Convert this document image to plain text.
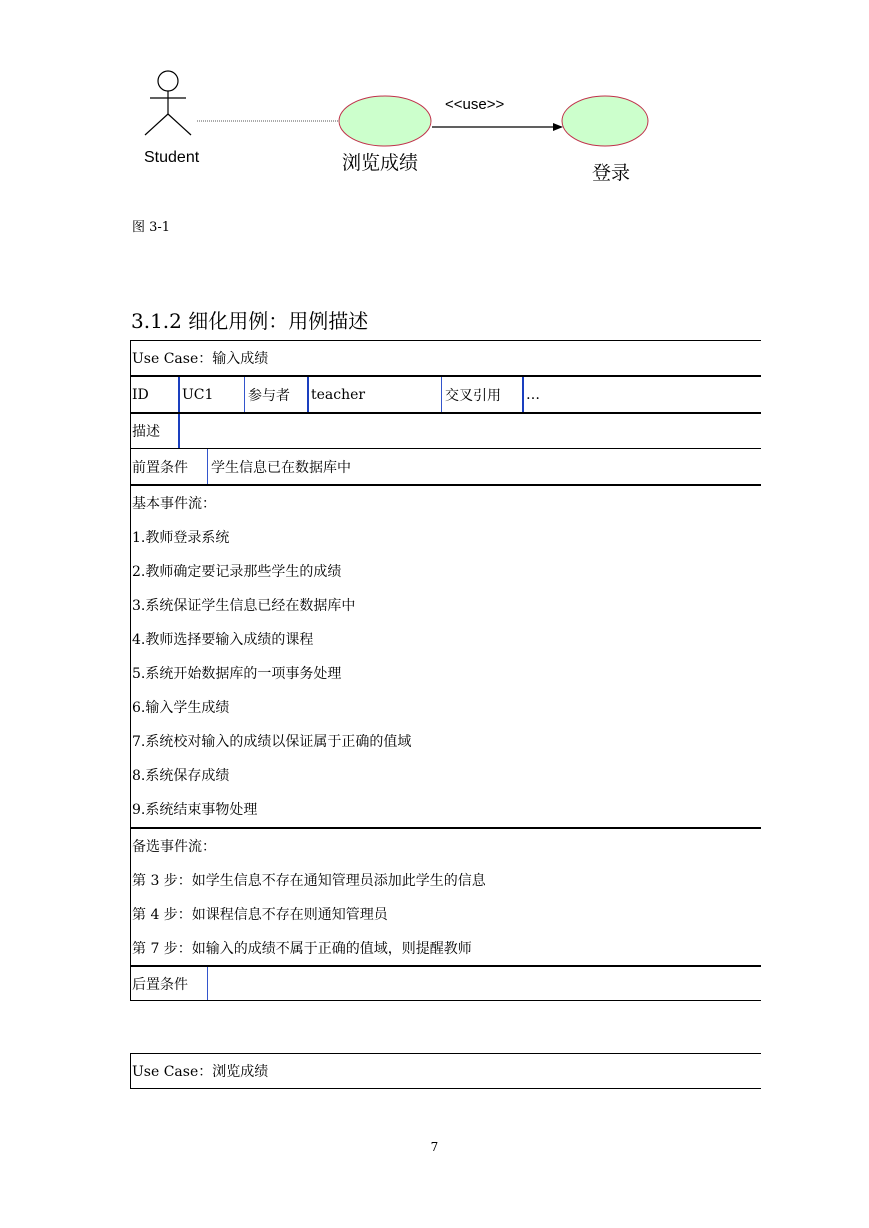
Student	浏览成绩	登录
<<use>>
图 3-1
3.1.2 细化用例：用例描述
Use Case：输入成绩
ID UC1 参与者 teacher	交叉引用 …
描述
前置条件 学生信息已在数据库中
基本事件流：
1.教师登录系统
2.教师确定要记录那些学生的成绩
3.系统保证学生信息已经在数据库中
4.教师选择要输入成绩的课程
5.系统开始数据库的一项事务处理
6.输入学生成绩
7.系统校对输入的成绩以保证属于正确的值域
8.系统保存成绩
9.系统结束事物处理
备选事件流：
第 3 步：如学生信息不存在通知管理员添加此学生的信息
第 4 步：如课程信息不存在则通知管理员
第 7 步：如输入的成绩不属于正确的值域，则提醒教师
后置条件
Use Case：浏览成绩
7
